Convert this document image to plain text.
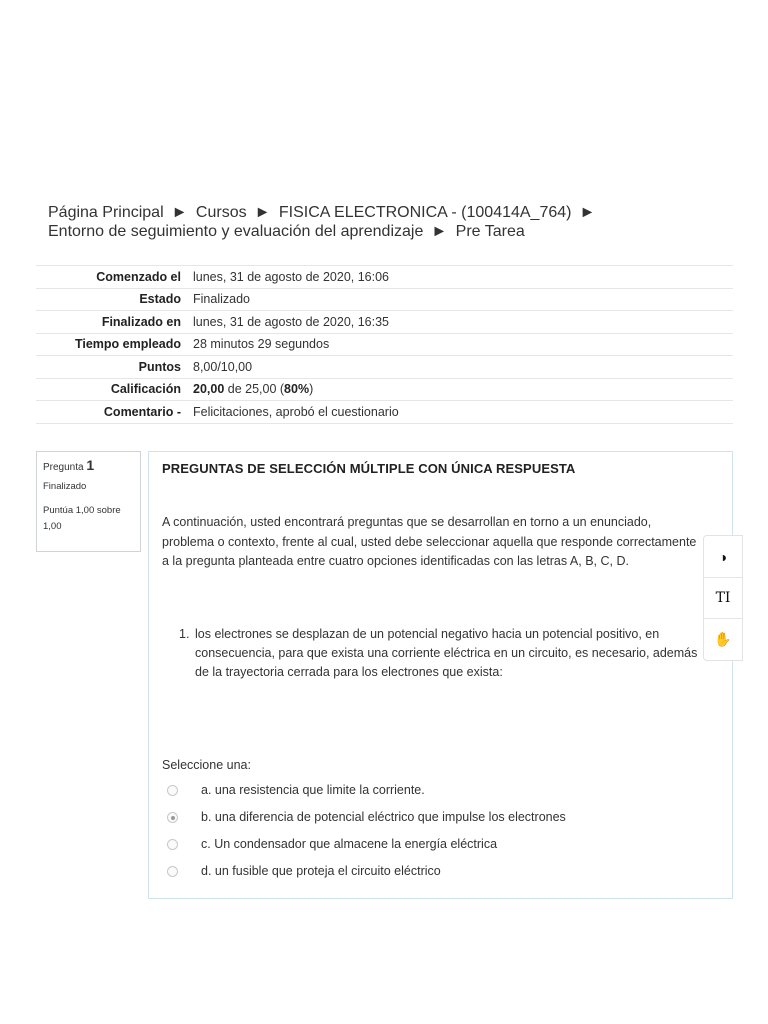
Página Principal ► Cursos ► FISICA ELECTRONICA - (100414A_764) ►
Entorno de seguimiento y evaluación del aprendizaje ► Pre Tarea
Comenzado el	lunes, 31 de agosto de 2020, 16:06
Estado	Finalizado
Finalizado en	lunes, 31 de agosto de 2020, 16:35
Tiempo empleado	28 minutos 29 segundos
Puntos	8,00/10,00
Calificación	20,00 de 25,00 (80%)
Comentario -	Felicitaciones, aprobó el cuestionario
Pregunta 1
Finalizado
Puntúa 1,00 sobre 1,00
PREGUNTAS DE SELECCIÓN MÚLTIPLE CON ÚNICA RESPUESTA
A continuación, usted encontrará preguntas que se desarrollan en torno a un enunciado, problema o contexto, frente al cual, usted debe seleccionar aquella que responde correctamente a la pregunta planteada entre cuatro opciones identificadas con las letras A, B, C, D.
1. los electrones se desplazan de un potencial negativo hacia un potencial positivo, en consecuencia, para que exista una corriente eléctrica en un circuito, es necesario, además de la trayectoria cerrada para los electrones que exista:
Seleccione una:
a. una resistencia que limite la corriente.
b. una diferencia de potencial eléctrico que impulse los electrones
c. Un condensador que almacene la energía eléctrica
d. un fusible que proteja el circuito eléctrico
◑
TI
✋
